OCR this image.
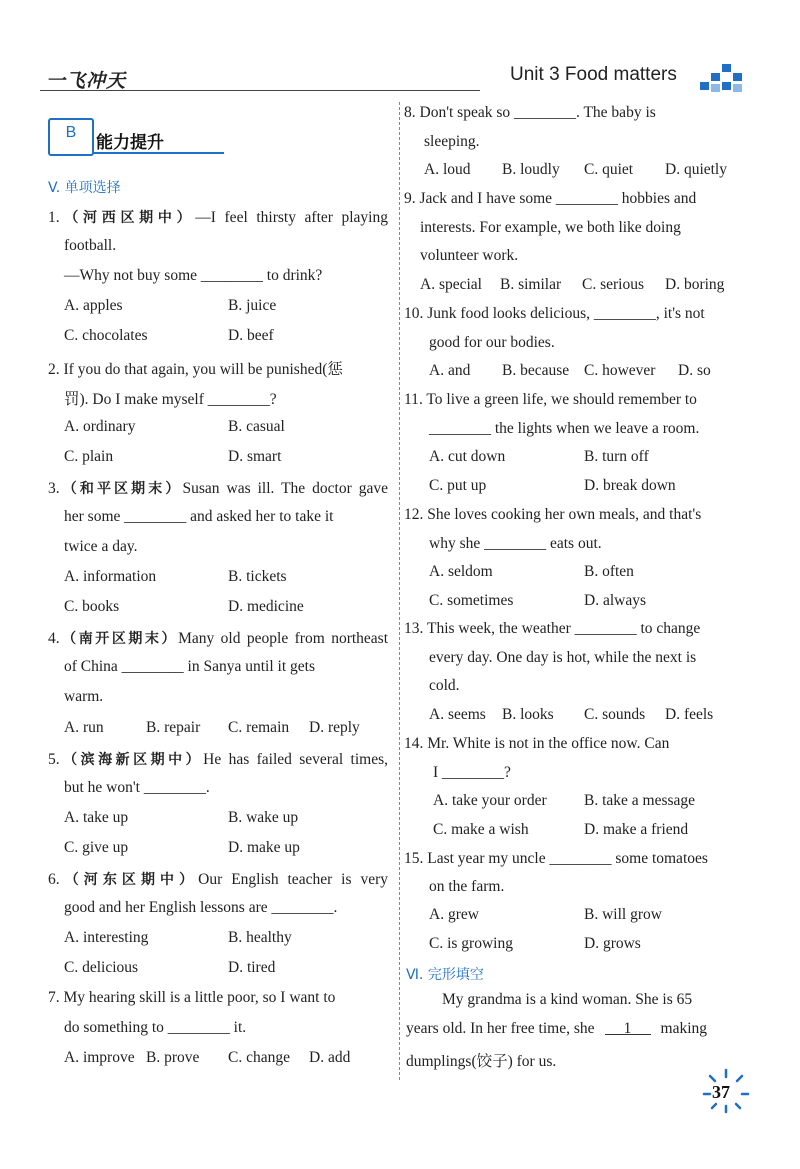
一飞冲天	Unit 3 Food matters
B
能力提升
V. 单项选择
1.（河西区期中）—I feel thirsty after playing
football.
—Why not buy some ________ to drink?
A. apples	B. juice
C. chocolates	D. beef
2. If you do that again, you will be punished(惩
罚). Do I make myself ________?
A. ordinary	B. casual
C. plain	D. smart
3.（和平区期末）Susan was ill. The doctor gave
her some ________ and asked her to take it
twice a day.
A. information	B. tickets
C. books	D. medicine
4.（南开区期末）Many old people from northeast
of China ________ in Sanya until it gets
warm.
A. run	B. repair C. remain D. reply
5.（滨海新区期中）He has failed several times,
but he won't ________.
A. take up	B. wake up
C. give up	D. make up
6.（河东区期中）Our English teacher is very
good and her English lessons are ________.
A. interesting	B. healthy
C. delicious	D. tired
7. My hearing skill is a little poor, so I want to
do something to ________ it.
A. improve B. prove C. change D. add
8. Don't speak so ________. The baby is
sleeping.
A. loud B. loudly C. quiet D. quietly
9. Jack and I have some ________ hobbies and
interests. For example, we both like doing
volunteer work.
A. special B. similar C. serious D. boring
10. Junk food looks delicious, ________, it's not
good for our bodies.
A. and B. because C. however D. so
11. To live a green life, we should remember to
________ the lights when we leave a room.
A. cut down	B. turn off
C. put up	D. break down
12. She loves cooking her own meals, and that's
why she ________ eats out.
A. seldom	B. often
C. sometimes	D. always
13. This week, the weather ________ to change
every day. One day is hot, while the next is
cold.
A. seems B. looks C. sounds D. feels
14. Mr. White is not in the office now. Can
I ________?
A. take your order B. take a message
C. make a wish	D. make a friend
15. Last year my uncle ________ some tomatoes
on the farm.
A. grew	B. will grow
C. is growing	D. grows
Ⅵ. 完形填空
My grandma is a kind woman. She is 65
years old. In her free time, she 1 making
dumplings(饺子) for us.
37
